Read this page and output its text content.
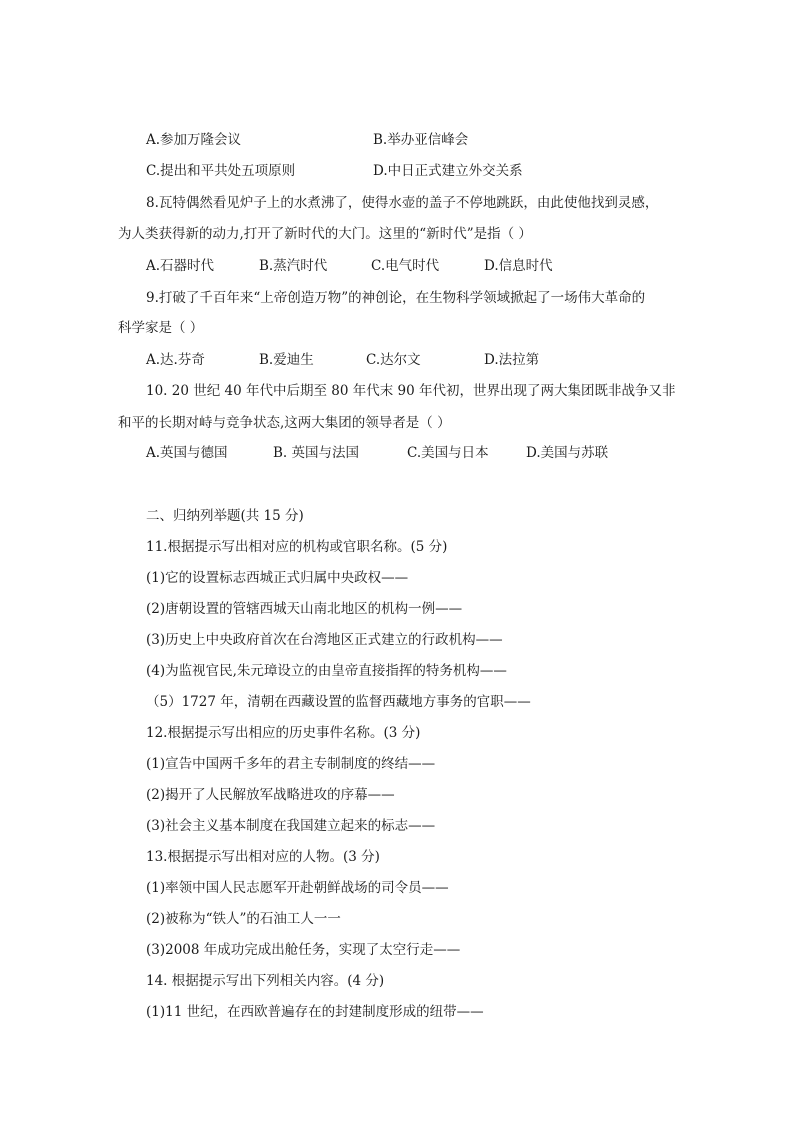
A.参加万隆会议	B.举办亚信峰会
C.提出和平共处五项原则	D.中日正式建立外交关系
8.瓦特偶然看见炉子上的水煮沸了，使得水壶的盖子不停地跳跃，由此使他找到灵感，
为人类获得新的动力,打开了新时代的大门。这里的“新时代”是指（ ）
A.石器时代	B.蒸汽时代	C.电气时代	D.信息时代
9.打破了千百年来“上帝创造万物”的神创论，在生物科学领域掀起了一场伟大革命的
科学家是（ ）
A.达.芬奇	B.爱迪生	C.达尔文	D.法拉第
10. 20 世纪 40 年代中后期至 80 年代末 90 年代初，世界出现了两大集团既非战争又非
和平的长期对峙与竞争状态,这两大集团的领导者是（ ）
A.英国与德国	B. 英国与法国	C.美国与日本	D.美国与苏联
二、归纳列举题(共 15 分)
11.根据提示写出相对应的机构或官职名称。(5 分)
(1)它的设置标志西城正式归属中央政权——
(2)唐朝设置的管辖西城天山南北地区的机构一例——
(3)历史上中央政府首次在台湾地区正式建立的行政机构——
(4)为监视官民,朱元璋设立的由皇帝直接指挥的特务机构——
（5）1727 年，清朝在西藏设置的监督西藏地方事务的官职——
12.根据提示写出相应的历史事件名称。(3 分)
(1)宣告中国两千多年的君主专制制度的终结——
(2)揭开了人民解放军战略进攻的序幕——
(3)社会主义基本制度在我国建立起来的标志——
13.根据提示写出相对应的人物。(3 分)
(1)率领中国人民志愿军开赴朝鲜战场的司令员——
(2)被称为“铁人”的石油工人一一
(3)2008 年成功完成出舱任务，实现了太空行走——
14. 根据提示写出下列相关内容。(4 分)
(1)11 世纪，在西欧普遍存在的封建制度形成的纽带——
